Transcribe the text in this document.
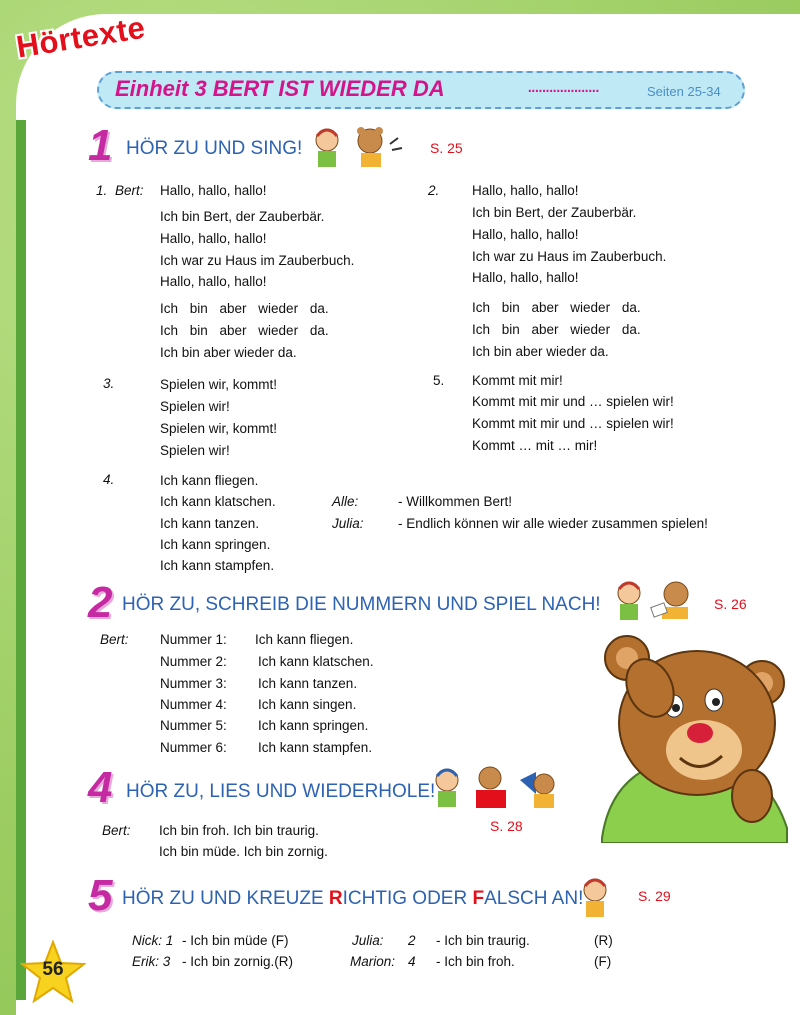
Hörtexte
Einheit 3 BERT IST WIEDER DA	....................	Seiten 25-34
1 HÖR ZU UND SING!	S. 25
1. Bert: Hallo, hallo, hallo!
Ich bin Bert, der Zauberbär.
Hallo, hallo, hallo!
Ich war zu Haus im Zauberbuch.
Hallo, hallo, hallo!
Ich bin aber wieder da.
Ich bin aber wieder da.
Ich bin aber wieder da.
2. Hallo, hallo, hallo!
Ich bin Bert, der Zauberbär.
Hallo, hallo, hallo!
Ich war zu Haus im Zauberbuch.
Hallo, hallo, hallo!
Ich bin aber wieder da.
Ich bin aber wieder da.
Ich bin aber wieder da.
3.	Spielen wir, kommt!
Spielen wir!
Spielen wir, kommt!
Spielen wir!
5. Kommt mit mir!
Kommt mit mir und … spielen wir!
Kommt mit mir und … spielen wir!
Kommt … mit … mir!
4.	Ich kann fliegen.
Ich kann klatschen.
Ich kann tanzen.
Ich kann springen.
Ich kann stampfen.
Alle:	- Willkommen Bert!
Julia:	- Endlich können wir alle wieder zusammen spielen!
2 HÖR ZU, SCHREIB DIE NUMMERN UND SPIEL NACH!	S. 26
Bert: Nummer 1: Ich kann fliegen.
Nummer 2: Ich kann klatschen.
Nummer 3: Ich kann tanzen.
Nummer 4: Ich kann singen.
Nummer 5: Ich kann springen.
Nummer 6: Ich kann stampfen.
4 HÖR ZU, LIES UND WIEDERHOLE!
S. 28
Bert: Ich bin froh. Ich bin traurig.
Ich bin müde. Ich bin zornig.
5 HÖR ZU UND KREUZE RICHTIG ODER FALSCH AN!	S. 29
Nick: 1 - Ich bin müde (F)	Julia: 2 - Ich bin traurig.	(R)
Erik: 3 - Ich bin zornig.(R)	Marion: 4 - Ich bin froh.	(F)
56
